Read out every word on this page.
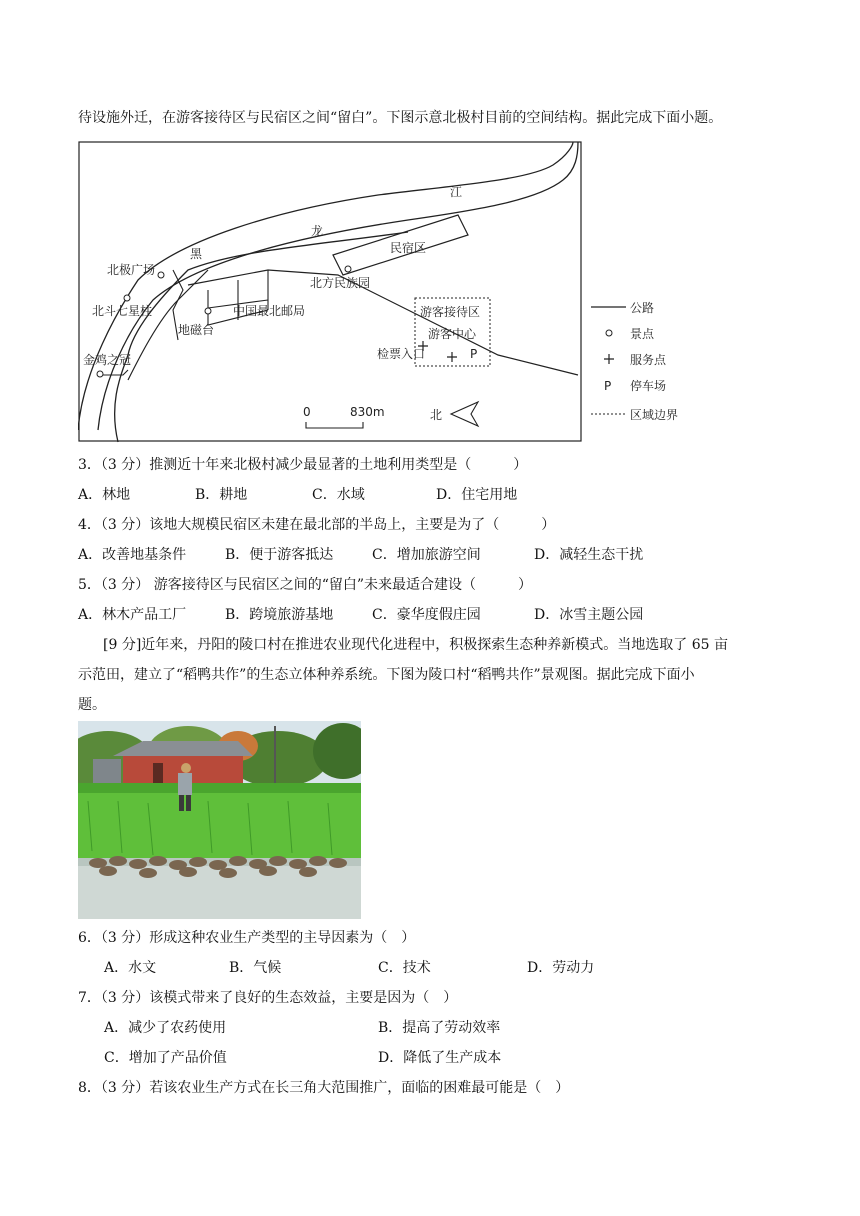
待设施外迁，在游客接待区与民宿区之间“留白”。下图示意北极村目前的空间结构。据此完成下面小题。
江
龙
黑	民宿区
北极广场
北方民族园
北斗七星柱
地磁台
中国最北邮局
金鸡之冠
游客接待区
游客中心
检票入口	P
0	830m	北
公路
景点
服务点
P 停车场
区域边界
3．（3 分）推测近十年来北极村减少最显著的土地利用类型是（　　　）
A．林地	B．耕地	C．水域	D．住宅用地
4．（3 分）该地大规模民宿区未建在最北部的半岛上，主要是为了（　　　）
A．改善地基条件	B．便于游客抵达	C．增加旅游空间	D．减轻生态干扰
5．（3 分） 游客接待区与民宿区之间的“留白”未来最适合建设（　　　）
A．林木产品工厂	B．跨境旅游基地	C．豪华度假庄园	D．冰雪主题公园
[9 分]近年来，丹阳的陵口村在推进农业现代化进程中，积极探索生态种养新模式。当地选取了 65 亩
示范田，建立了“稻鸭共作”的生态立体种养系统。下图为陵口村“稻鸭共作”景观图。据此完成下面小
题。
6．（3 分）形成这种农业生产类型的主导因素为（　）
A．水文	B．气候	C．技术	D．劳动力
7．（3 分）该模式带来了良好的生态效益，主要是因为（　）
A．减少了农药使用	B．提高了劳动效率
C．增加了产品价值	D．降低了生产成本
8．（3 分）若该农业生产方式在长三角大范围推广，面临的困难最可能是（　）
